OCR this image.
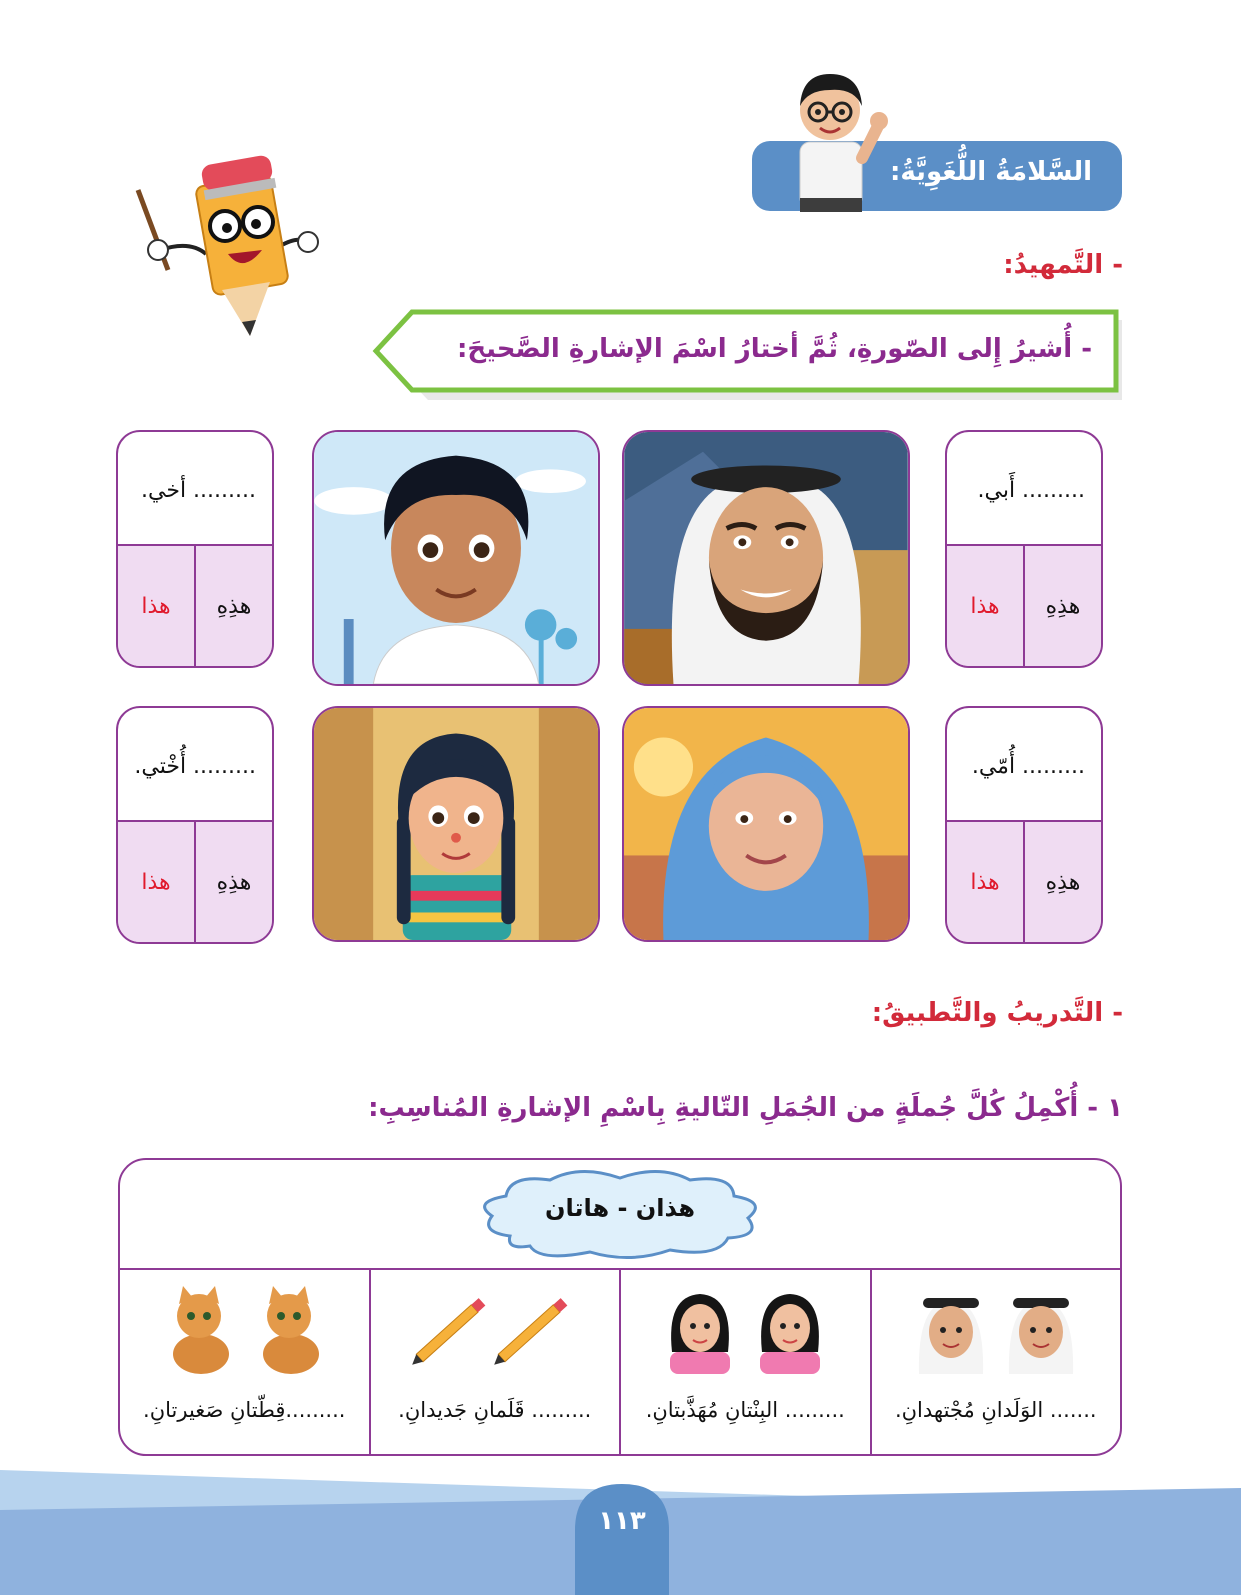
السَّلامَةُ اللُّغَوِيَّةُ:
- التَّمهيدُ:
- أُشيرُ إِلى الصّورةِ، ثُمَّ أختارُ اسْمَ الإشارةِ الصَّحيحَ:
......... أَبي.
هذِهِ
هذا
......... أخي.
هذِهِ
هذا
......... أُمّي.
هذِهِ
هذا
......... أُخْتي.
هذِهِ
هذا
- التَّدريبُ والتَّطبيقُ:
١ - أُكْمِلُ كُلَّ جُملَةٍ من الجُمَلِ التّاليةِ بِاسْمِ الإشارةِ المُناسِبِ:
هذان - هاتان
....... الوَلَدانِ مُجْتهدانِ.
......... البِنْتانِ مُهَذَّبتانِ.
......... قَلَمانِ جَديدانِ.
.........قِطّتانِ صَغيرتانِ.
١١٣
